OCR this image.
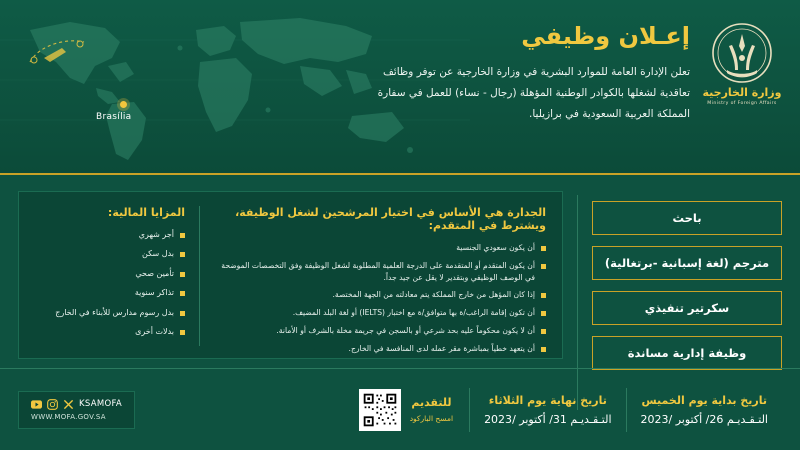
Brasília
إعـلان وظيفي
تعلن الإدارة العامة للموارد البشرية في وزارة الخارجية عن توفر وظائف تعاقدية لشغلها بالكوادر الوطنية المؤهلة (رجال - نساء) للعمل في سفارة المملكة العربية السعودية في برازيليا.
وزارة الخارجية
Ministry of Foreign Affairs
باحث
مترجم (لغة إسبانية -برتغالية)
سكرتير تنفيذي
وظيفة إدارية مساندة
الجدارة هي الأساس في اختيار المرشحين لشغل الوظيفة، ويشترط في المتقدم:
أن يكون سعودي الجنسية
أن يكون المتقدم أو المتقدمة على الدرجة العلمية المطلوبة لشغل الوظيفة وفق التخصصات الموضحة في الوصف الوظيفي وبتقدير لا يقل عن جيد جداً.
إذا كان المؤهل من خارج المملكة يتم معادلته من الجهة المختصة.
أن تكون إقامة الراغب/ة بها متوافق/ة مع اختبار (IELTS) أو لغة البلد المضيف.
أن لا يكون محكوماً عليه بحد شرعي أو بالسجن في جريمة مخلة بالشرف أو الأمانة.
أن يتعهد خطياً بمباشرة مقر عمله لدى المنافسة في الخارج.
المزايا المالية:
أجر شهري
بدل سكن
تأمين صحي
تذاكر سنوية
بدل رسوم مدارس للأبناء في الخارج
بدلات أخرى
تاريخ بداية يوم الخميس
التـقـديـم 26/ أكتوبر /2023
تاريخ نهاية يوم الثلاثاء
التـقـديـم 31/ أكتوبر /2023
للتقديم
امسح الباركود
KSAMOFA
WWW.MOFA.GOV.SA
